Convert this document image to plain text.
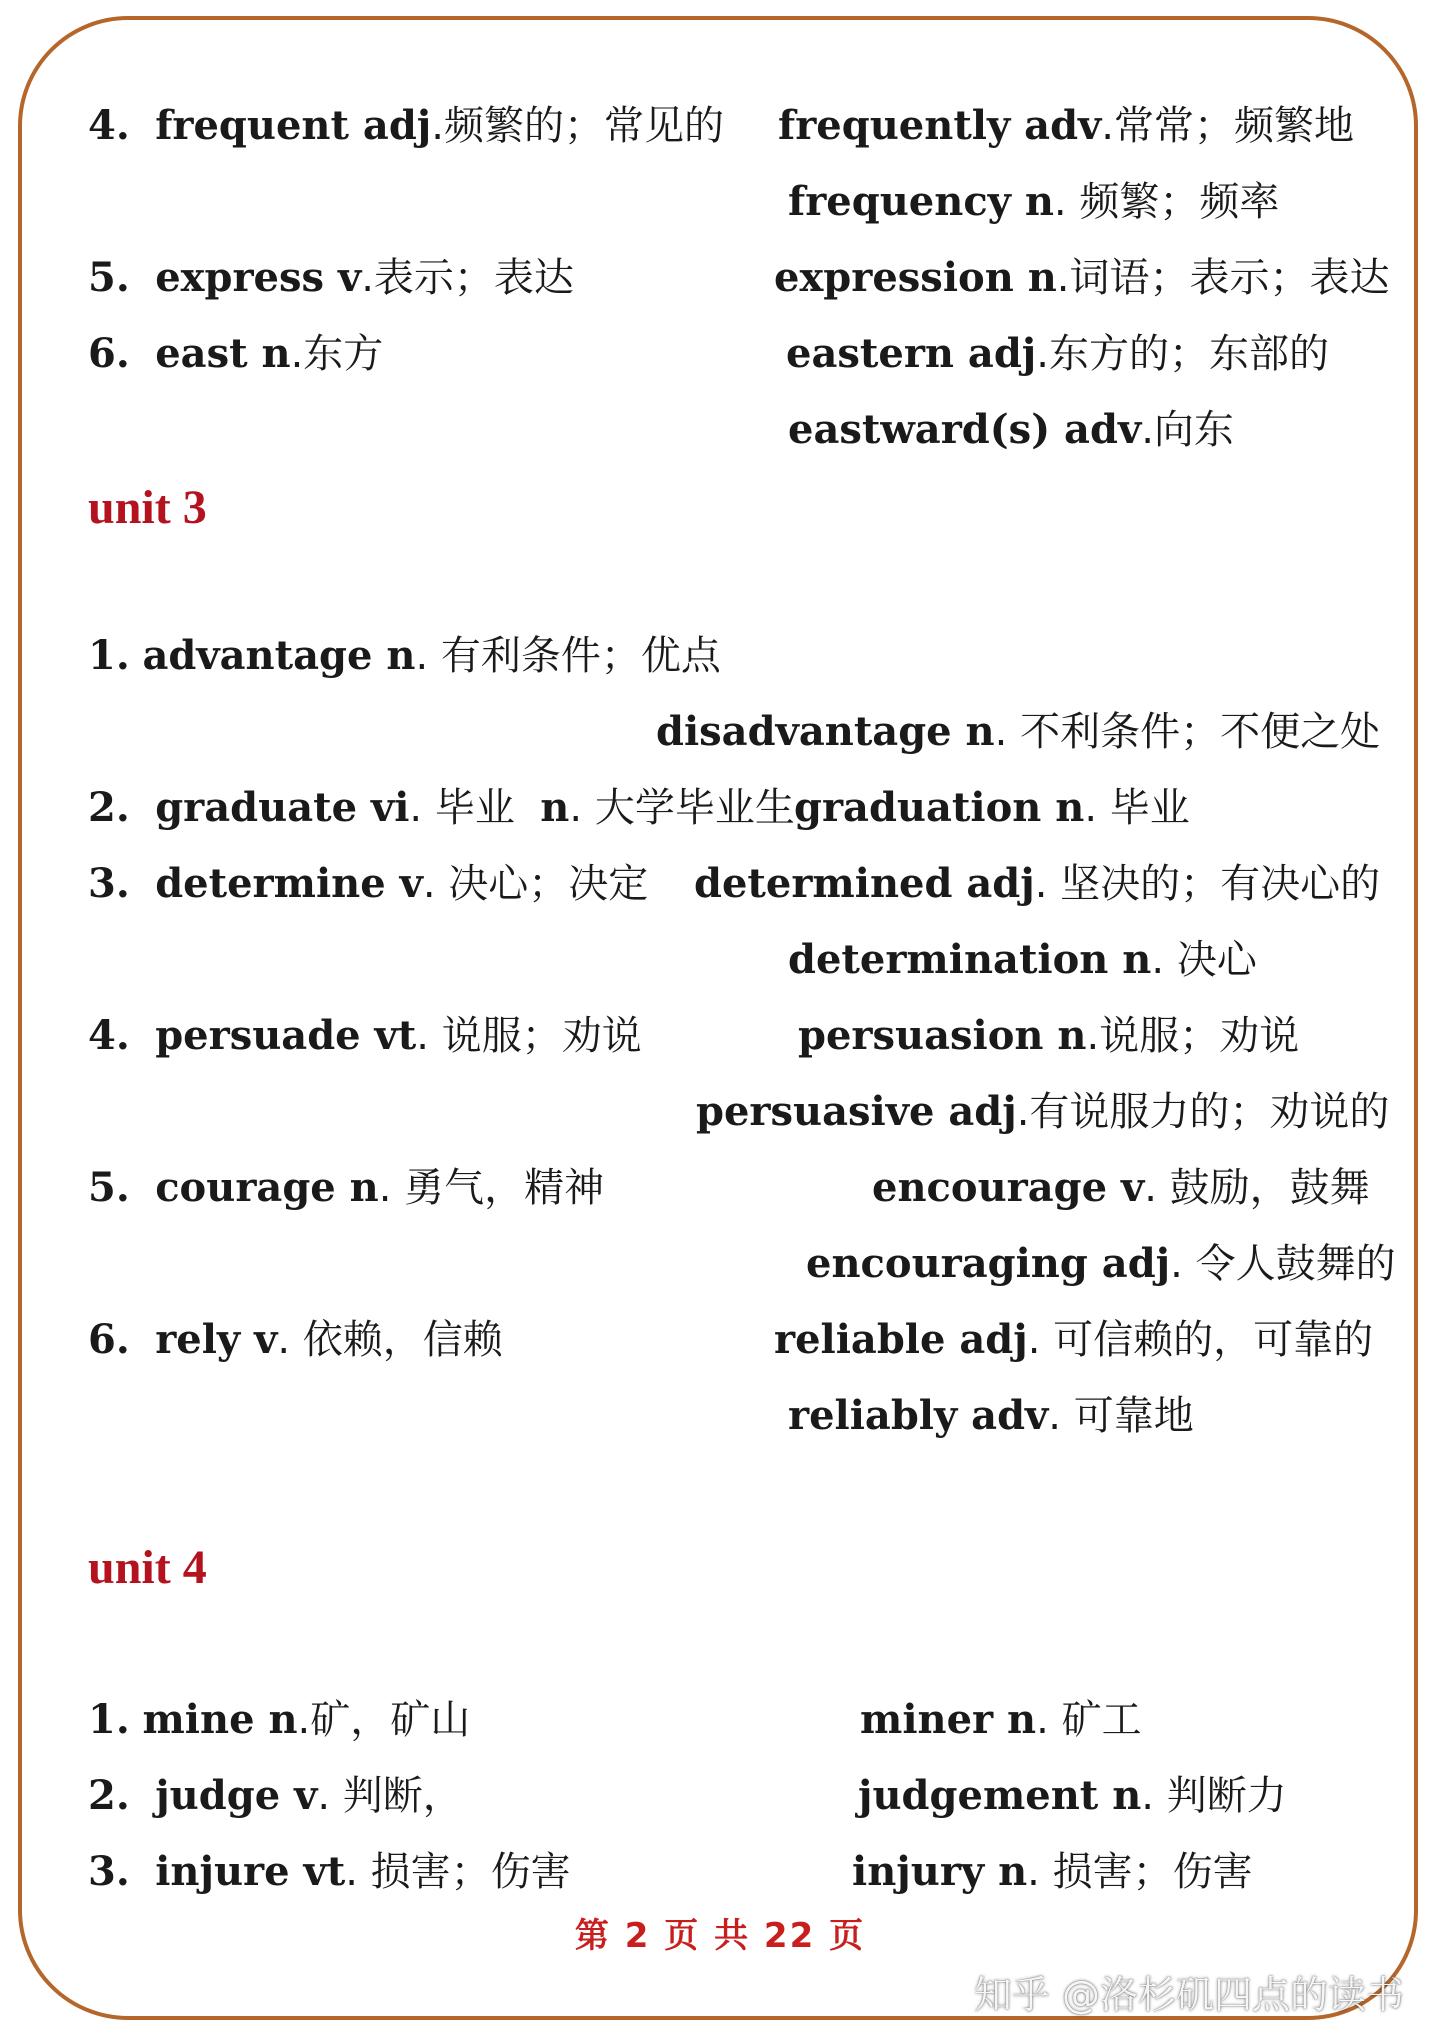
4. frequent adj.频繁的；常见的 frequently adv.常常；频繁地
frequency n. 频繁；频率
5. express v.表示；表达	expression n.词语；表示；表达
6. east n.东方	eastern adj.东方的；东部的
eastward(s) adv.向东
unit 3
1. advantage n. 有利条件；优点
disadvantage n. 不利条件；不便之处
2. graduate vi. 毕业 n. 大学毕业生 graduation n. 毕业
3. determine v. 决心；决定 determined adj. 坚决的；有决心的
determination n. 决心
4. persuade vt. 说服；劝说	persuasion n.说服；劝说
persuasive adj.有说服力的；劝说的
5. courage n. 勇气，精神	encourage v. 鼓励，鼓舞
encouraging adj. 令人鼓舞的
6. rely v. 依赖，信赖	reliable adj. 可信赖的，可靠的
reliably adv. 可靠地
unit 4
1. mine n.矿，矿山	miner n. 矿工
2. judge v. 判断，	judgement n. 判断力
3. injure vt. 损害；伤害	injury n. 损害；伤害
第 2 页 共 22 页
知乎 @洛杉矶四点的读书
